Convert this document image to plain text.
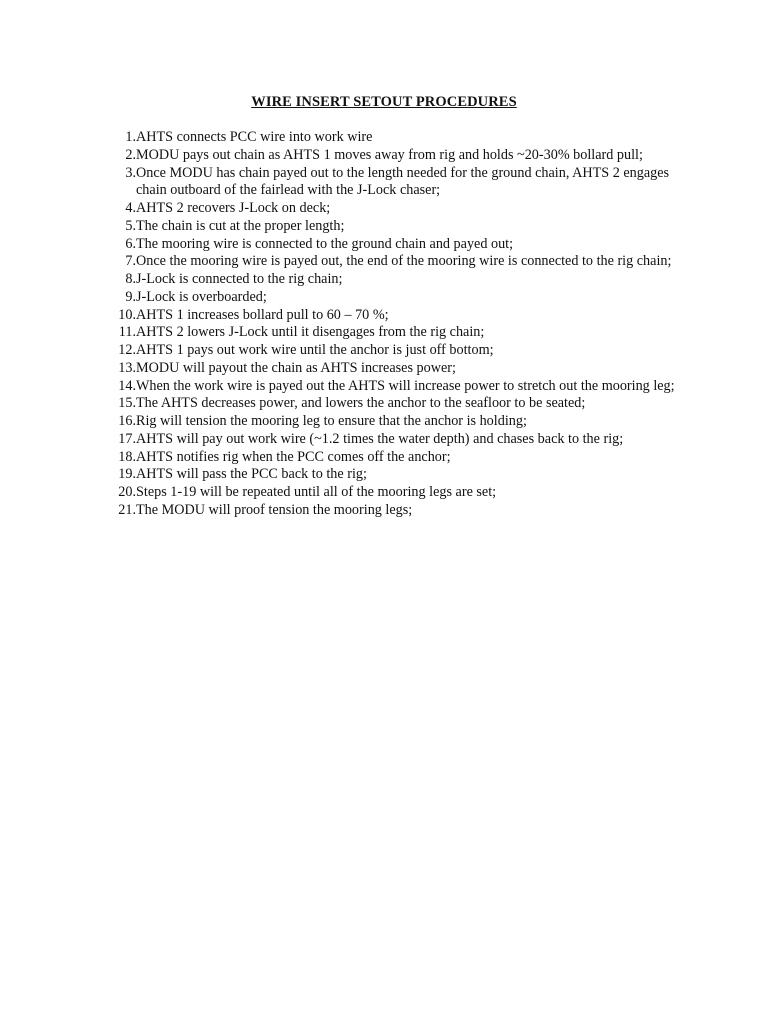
WIRE INSERT SETOUT PROCEDURES
1. AHTS connects PCC wire into work wire
2. MODU pays out chain as AHTS 1 moves away from rig and holds ~20-30% bollard pull;
3. Once MODU has chain payed out to the length needed for the ground chain, AHTS 2 engages chain outboard of the fairlead with the J-Lock chaser;
4. AHTS 2 recovers J-Lock on deck;
5. The chain is cut at the proper length;
6. The mooring wire is connected to the ground chain and payed out;
7. Once the mooring wire is payed out, the end of the mooring wire is connected to the rig chain;
8. J-Lock is connected to the rig chain;
9. J-Lock is overboarded;
10. AHTS 1 increases bollard pull to 60 – 70 %;
11. AHTS 2 lowers J-Lock until it disengages from the rig chain;
12. AHTS 1 pays out work wire until the anchor is just off bottom;
13. MODU will payout the chain as AHTS increases power;
14. When the work wire is payed out the AHTS will increase power to stretch out the mooring leg;
15. The AHTS decreases power, and lowers the anchor to the seafloor to be seated;
16. Rig will tension the mooring leg to ensure that the anchor is holding;
17. AHTS will pay out work wire (~1.2 times the water depth) and chases back to the rig;
18. AHTS notifies rig when the PCC comes off the anchor;
19. AHTS will pass the PCC back to the rig;
20. Steps 1-19 will be repeated until all of the mooring legs are set;
21. The MODU will proof tension the mooring legs;
